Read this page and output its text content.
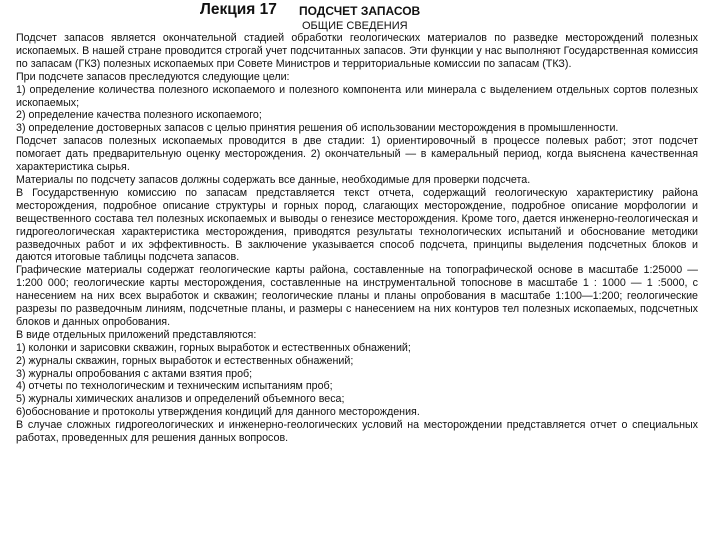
Лекция 17 ПОДСЧЕТ ЗАПАСОВ
ОБЩИЕ СВЕДЕНИЯ

Подсчет запасов является окончательной стадией обработки геологических материалов по разведке месторождений полезных ископаемых. В нашей стране проводится строгай учет подсчитанных запасов. Эти функции у нас выполняют Государственная комиссия по запасам (ГКЗ) полезных ископаемых при Совете Министров и территориальные комиссии по запасам (ТКЗ).

При подсчете запасов преследуются следующие цели:

1) определение количества полезного ископаемого и полезного компонента или минерала с выделением отдельных сортов полезных ископаемых;

2) определение качества полезного ископаемого;

3) определение достоверных запасов с целью принятия решения об использовании месторождения в промышленности.

Подсчет запасов полезных ископаемых проводится в две стадии: 1) ориентировочный в процессе полевых работ; этот подсчет помогает дать предварительную оценку месторождения. 2) окончательный — в камеральный период, когда выяснена качественная характеристика сырья.

Материалы по подсчету запасов должны содержать все данные, необходимые для проверки подсчета.

В Государственную комиссию по запасам представляется текст отчета, содержащий геологическую характеристику района месторождения, подробное описание структуры и горных пород, слагающих месторождение, подробное описание морфологии и вещественного состава тел полезных ископаемых и выводы о генезисе месторождения. Кроме того, дается инженерно-геологическая и гидрогеологическая характеристика месторождения, приводятся результаты технологических испытаний и обоснование методики разведочных работ и их эффективность. В заключение указывается способ подсчета, принципы выделения подсчетных блоков и даются итоговые таблицы подсчета запасов.

Графические материалы содержат геологические карты района, составленные на топографической основе в масштабе 1:25000 — 1:200 000; геологические карты месторождения, составленные на инструментальной топоснове в масштабе 1 : 1000 — 1 :5000, с нанесением на них всех выработок и скважин; геологические планы и планы опробования в масштабе 1:100—1:200; геологические разрезы по разведочным линиям, подсчетные планы, и размеры с нанесением на них контуров тел полезных ископаемых, подсчетных блоков и данных опробования.

В виде отдельных приложений представляются:

1) колонки и зарисовки скважин, горных выработок и естественных обнажений;

2) журналы скважин, горных выработок и естественных обнажений;

3) журналы опробования с актами взятия проб;

4) отчеты по технологическим и техническим испытаниям проб;

5) журналы химических анализов и определений объемного веса;

6)обоснование и протоколы утверждения кондиций для данного месторождения.

В случае сложных гидрогеологических и инженерно-геологических условий на месторождении представляется отчет о специальных работах, проведенных для решения данных вопросов.
